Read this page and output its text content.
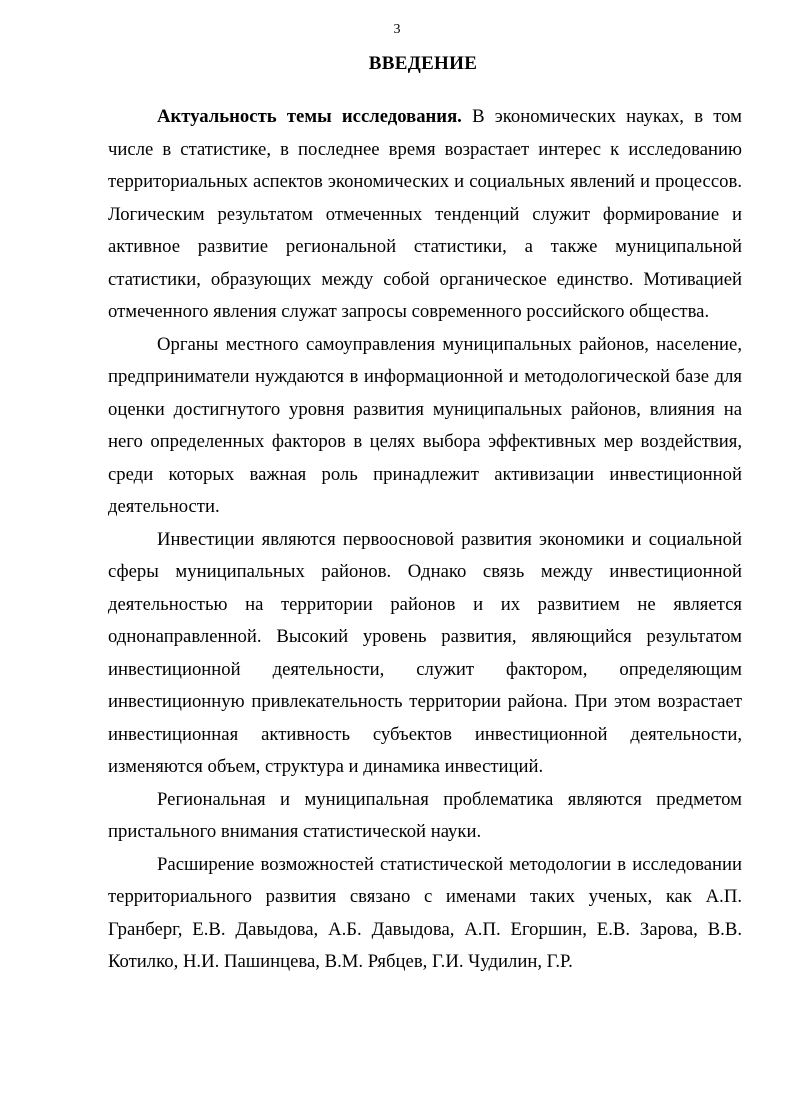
3
ВВЕДЕНИЕ

Актуальность темы исследования. В экономических науках, в том числе в статистике, в последнее время возрастает интерес к исследованию территориальных аспектов экономических и социальных явлений и процессов. Логическим результатом отмеченных тенденций служит формирование и активное развитие региональной статистики, а также муниципальной статистики, образующих между собой органическое единство. Мотивацией отмеченного явления служат запросы современного российского общества.

Органы местного самоуправления муниципальных районов, население, предприниматели нуждаются в информационной и методологической базе для оценки достигнутого уровня развития муниципальных районов, влияния на него определенных факторов в целях выбора эффективных мер воздействия, среди которых важная роль принадлежит активизации инвестиционной деятельности.

Инвестиции являются первоосновой развития экономики и социальной сферы муниципальных районов. Однако связь между инвестиционной деятельностью на территории районов и их развитием не является однонаправленной. Высокий уровень развития, являющийся результатом инвестиционной деятельности, служит фактором, определяющим инвестиционную привлекательность территории района. При этом возрастает инвестиционная активность субъектов инвестиционной деятельности, изменяются объем, структура и динамика инвестиций.

Региональная и муниципальная проблематика являются предметом пристального внимания статистической науки.

Расширение возможностей статистической методологии в исследовании территориального развития связано с именами таких ученых, как А.П. Гранберг, Е.В. Давыдова, А.Б. Давыдова, А.П. Егоршин, Е.В. Зарова, В.В. Котилко, Н.И. Пашинцева, В.М. Рябцев, Г.И. Чудилин, Г.Р.
